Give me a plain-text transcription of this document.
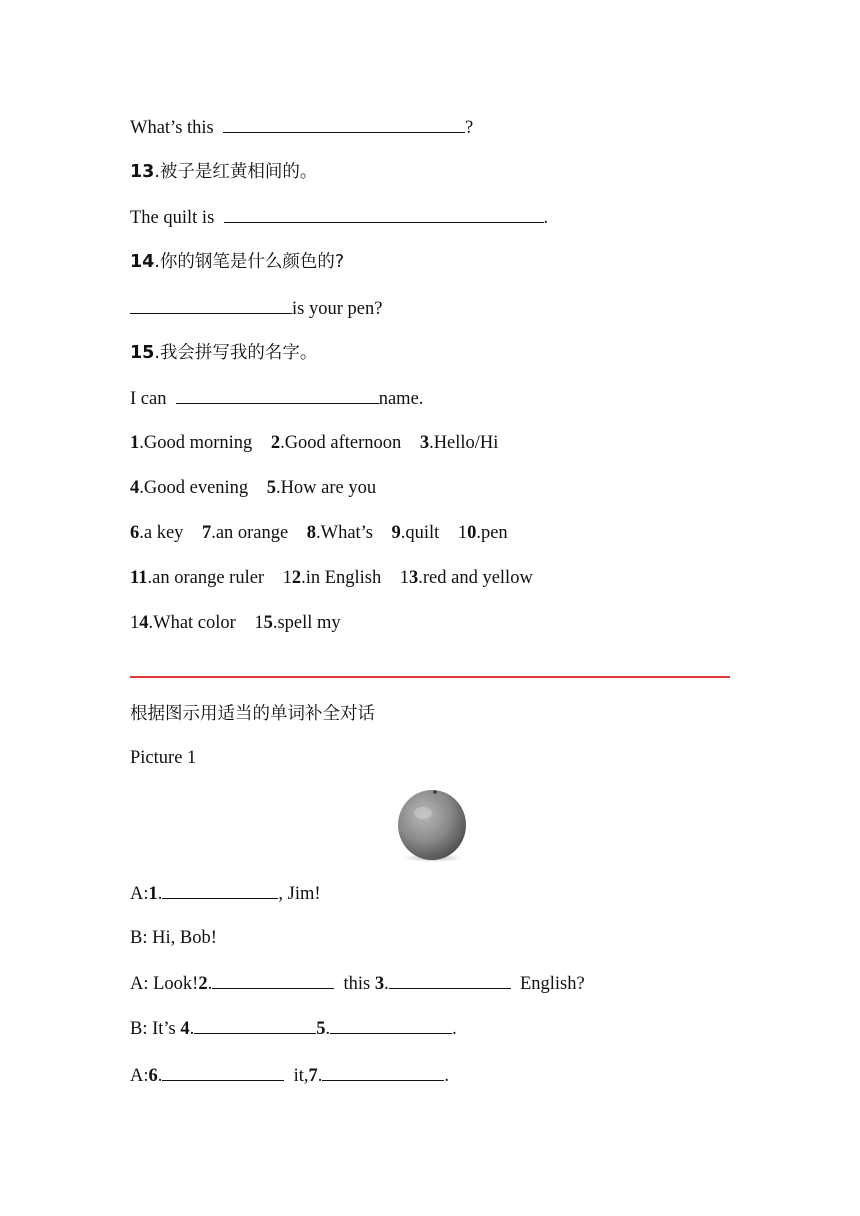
What’s this	?
13.被子是红黄相间的。
The quilt is	.
14.你的钢笔是什么颜色的?
is your pen?
15.我会拼写我的名字。
I can	name.
1.Good morning 2.Good afternoon 3.Hello/Hi
4.Good evening 5.How are you
6.a key 7.an orange 8.What’s 9.quilt 10.pen
11.an orange ruler 12.in English 13.red and yellow
14.What color 15.spell my
根据图示用适当的单词补全对话
Picture 1
A:1.	, Jim!
B: Hi, Bob!
A: Look!2.	this 3.	English?
B: It’s 4.	5.	.
A:6.	it,7.	.
